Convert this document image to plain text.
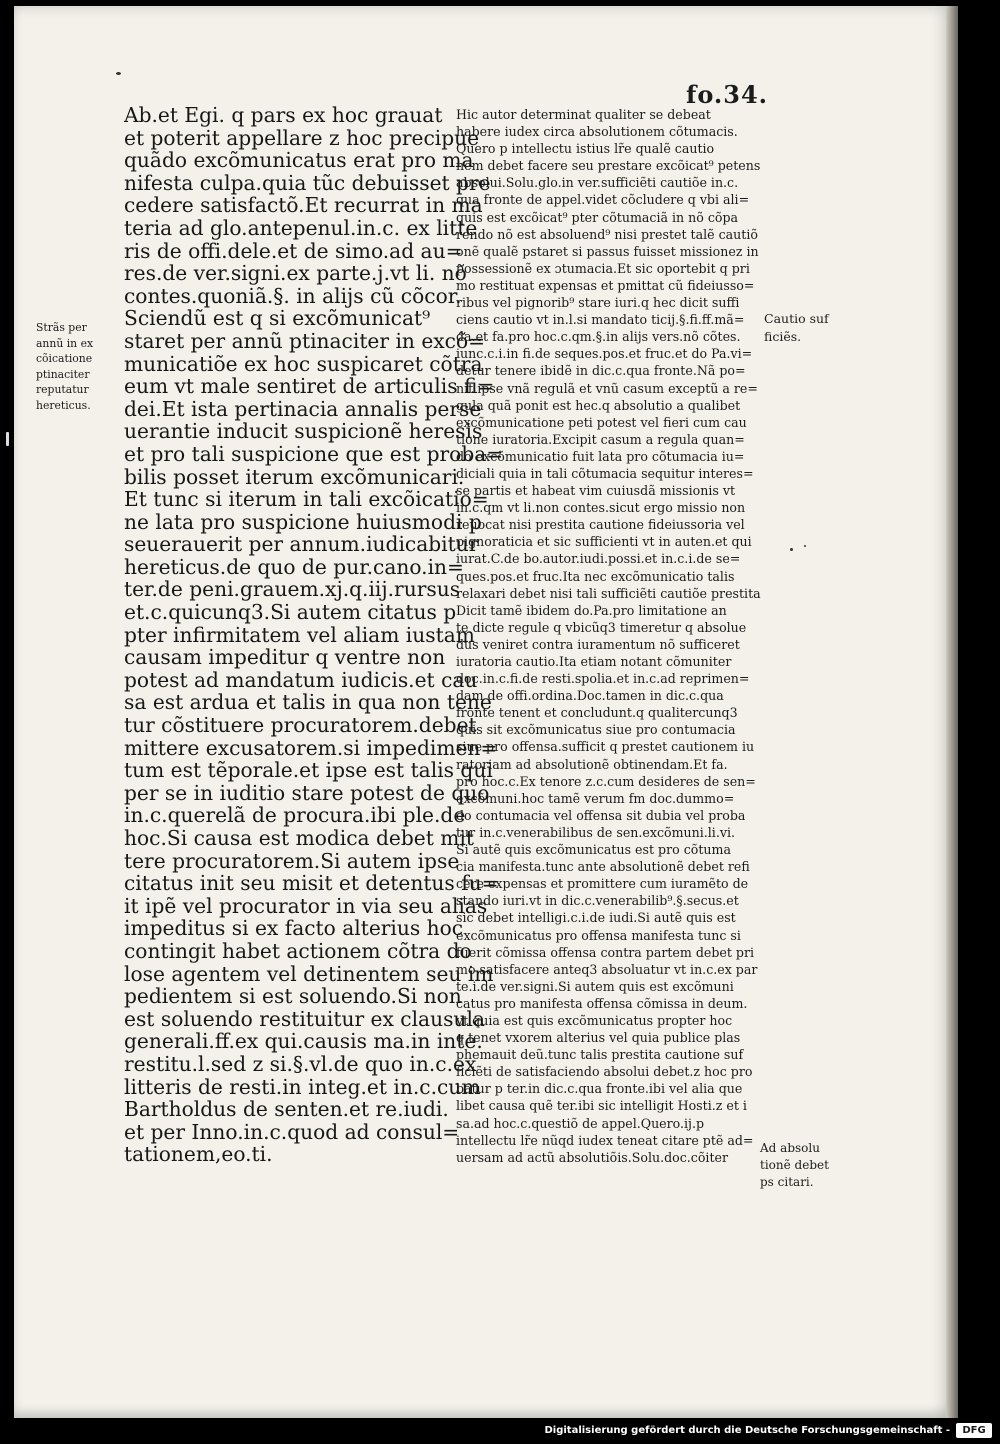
fo.34.
Strãs per
annũ in ex
cõicatione
ptinaciter
reputatur
hereticus.
Ab.et Egi. q pars ex hoc grauat
et poterit appellare z hoc precipue
quãdo excõmunicatus erat pro ma
nifesta culpa.quia tũc debuisset pre
cedere satisfactõ.Et recurrat in ma
teria ad glo.antepenul.in.c. ex litte
ris de offi.dele.et de simo.ad au=
res.de ver.signi.ex parte.j.vt li. nõ
contes.quoniã.§. in alijs cũ cõcor.
Sciendũ est q si excõmunicat⁹
staret per annũ ptinaciter in excõ=
municatiõe ex hoc suspicaret cõtra
eum vt male sentiret de articulis fi=
dei.Et ista pertinacia annalis perse
uerantie inducit suspicionẽ heresis
et pro tali suspicione que est proba=
bilis posset iterum excõmunicari.
Et tunc si iterum in tali excõicatio=
ne lata pro suspicione huiusmodi p
seuerauerit per annum.iudicabitur
hereticus.de quo de pur.cano.in=
ter.de peni.grauem.xj.q.iij.rursus
et.c.quicunq3.Si autem citatus p
pter infirmitatem vel aliam iustam
causam impeditur q ventre non
potest ad mandatum iudicis.et cau
sa est ardua et talis in qua non tene
tur cõstituere procuratorem.debet
mittere excusatorem.si impedimen=
tum est tẽporale.et ipse est talis qui
per se in iuditio stare potest de quo
in.c.querelã de procura.ibi ple.de
hoc.Si causa est modica debet mit
tere procuratorem.Si autem ipse
citatus init seu misit et detentus fu=
it ipẽ vel procurator in via seu alias
impeditus si ex facto alterius hoc
contingit habet actionem cõtra do
lose agentem vel detinentem seu im
pedientem si est soluendo.Si non
est soluendo restituitur ex clausula
generali.ff.ex qui.causis ma.in inte.
restitu.l.sed z si.§.vl.de quo in.c.ex
litteris de resti.in integ.et in.c.cum
Bartholdus de senten.et re.iudi.
et per Inno.in.c.quod ad consul=
tationem,eo.ti.
Hic autor determinat qualiter se debeat
habere iudex circa absolutionem cõtumacis.
Quero p intellectu istius lr̃e qualẽ cautio
nem debet facere seu prestare excõicat⁹ petens
absolui.Solu.glo.in ver.sufficiẽti cautiõe in.c.
qua fronte de appel.videt cõcludere q vbi ali=
quis est excõicat⁹ pter cõtumaciã in nõ cõpa
rendo nõ est absoluend⁹ nisi prestet talẽ cautiõ
onẽ qualẽ pstaret si passus fuisset missionez in
possessionẽ ex ɔtumacia.Et sic oportebit q pri
mo restituat expensas et pmittat cũ fideiusso=
ribus vel pignorib⁹ stare iuri.q hec dicit suffi
ciens cautio vt in.l.si mandato ticij.§.fi.ff.mã=
da.et fa.pro hoc.c.qm.§.in alijs vers.nõ cõtes.
iunc.c.i.in fi.de seques.pos.et fruc.et do Pa.vi=
detur tenere ibidẽ in dic.c.qua fronte.Nã po=
nit ipse vnã regulã et vnũ casum exceptũ a re=
gula quã ponit est hec.q absolutio a qualibet
excõmunicatione peti potest vel fieri cum cau
tione iuratoria.Excipit casum a regula quan=
do excõmunicatio fuit lata pro cõtumacia iu=
diciali quia in tali cõtumacia sequitur interes=
se partis et habeat vim cuiusdã missionis vt
in.c.qm vt li.non contes.sicut ergo missio non
reuocat nisi prestita cautione fideiussoria vel
pignoraticia et sic sufficienti vt in auten.et qui
iurat.C.de bo.autor.iudi.possi.et in.c.i.de se=
ques.pos.et fruc.Ita nec excõmunicatio talis
relaxari debet nisi tali sufficiẽti cautiõe prestita
Dicit tamẽ ibidem do.Pa.pro limitatione an
te dicte regule q vbicũq3 timeretur q absolue
dus veniret contra iuramentum nõ sufficeret
iuratoria cautio.Ita etiam notant cõmuniter
doc.in.c.fi.de resti.spolia.et in.c.ad reprimen=
dam de offi.ordina.Doc.tamen in dic.c.qua
fronte tenent et concludunt.q qualitercunq3
quis sit excõmunicatus siue pro contumacia
siue pro offensa.sufficit q prestet cautionem iu
ratoriam ad absolutionẽ obtinendam.Et fa.
pro hoc.c.Ex tenore z.c.cum desideres de sen=
excõmuni.hoc tamẽ verum fm doc.dummo=
do contumacia vel offensa sit dubia vel proba
tur in.c.venerabilibus de sen.excõmuni.li.vi.
Si autẽ quis excõmunicatus est pro cõtuma
cia manifesta.tunc ante absolutionẽ debet refi
cere expensas et promittere cum iuramẽto de
stando iuri.vt in dic.c.venerabilib⁹.§.secus.et
sic debet intelligi.c.i.de iudi.Si autẽ quis est
excõmunicatus pro offensa manifesta tunc si
fuerit cõmissa offensa contra partem debet pri
mo satisfacere anteq3 absoluatur vt in.c.ex par
te.i.de ver.signi.Si autem quis est excõmuni
catus pro manifesta offensa cõmissa in deum.
vt quia est quis excõmunicatus propter hoc
q tenet vxorem alterius vel quia publice plas
phemauit deũ.tunc talis prestita cautione suf
ficiẽti de satisfaciendo absolui debet.z hoc pro
batur p ter.in dic.c.qua fronte.ibi vel alia que
libet causa quẽ ter.ibi sic intelligit Hosti.z et i
sa.ad hoc.c.questiõ de appel.Quero.ij.p
intellectu lr̃e nũqd iudex teneat citare ptẽ ad=
uersam ad actũ absolutiõis.Solu.doc.cõiter
Cautio suf
ficiẽs.
Ad absolu
tionẽ debet
ps citari.
Digitalisierung gefördert durch die Deutsche Forschungsgemeinschaft -	DFG
